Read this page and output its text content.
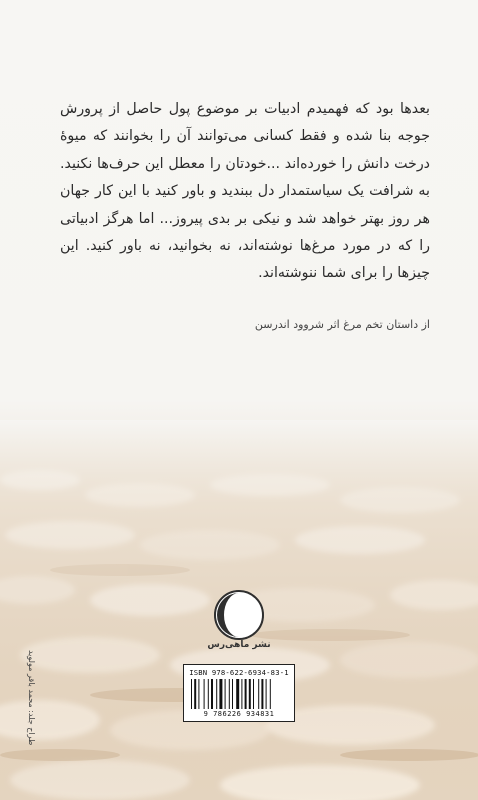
بعدها بود که فهمیدم ادبیات بر موضوع پول حاصل از پرورش جوجه بنا شده و فقط کسانی می‌توانند آن را بخوانند که میوهٔ درخت دانش را خورده‌اند ...خودتان را معطل این حرف‌ها نکنید. به شرافت یک سیاستمدار دل ببندید و باور کنید با این کار جهان هر روز بهتر خواهد شد و نیکی بر بدی پیروز... اما هرگز ادبیاتی را که در مورد مرغ‌ها نوشته‌اند، نه بخوانید، نه باور کنید. این چیزها را برای شما ننوشته‌اند.

از داستان تخم مرغ اثر شروود اندرسن
نشر ماهی‌رس
ISBN 978-622-6934-83-1
9 786226 934831
طراح جلد: محمد باقر مولوید
